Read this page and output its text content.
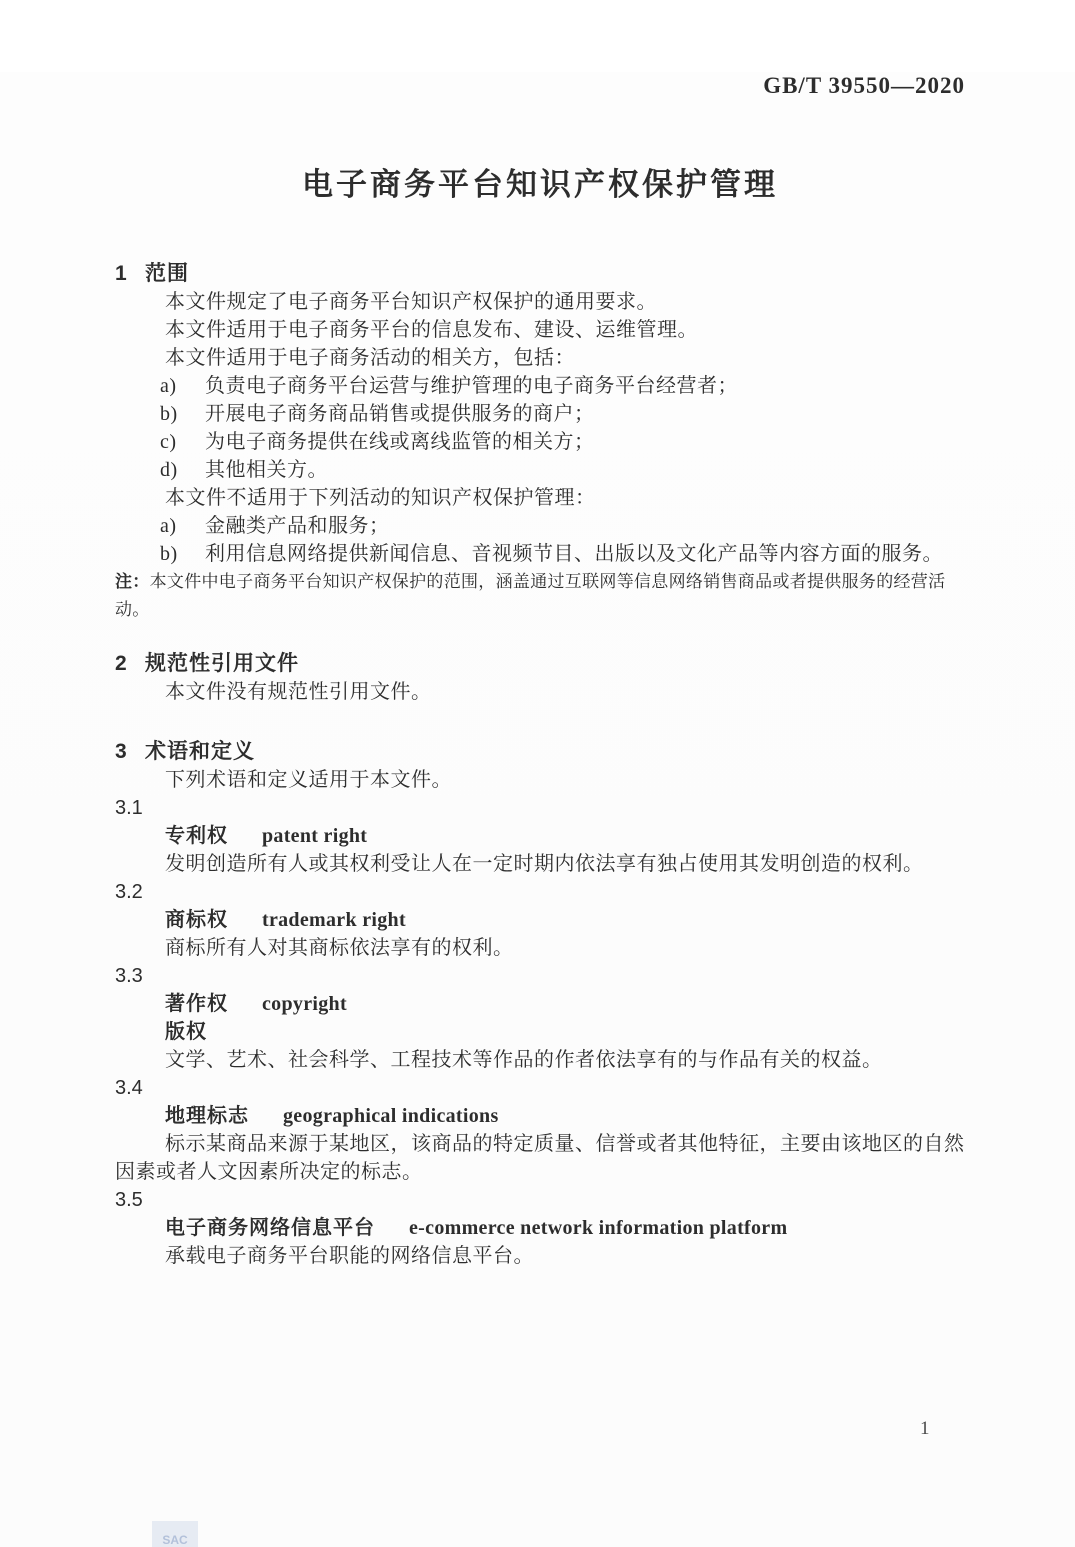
GB/T 39550—2020
电子商务平台知识产权保护管理
1 范围

本文件规定了电子商务平台知识产权保护的通用要求。

本文件适用于电子商务平台的信息发布、建设、运维管理。

本文件适用于电子商务活动的相关方，包括：

a) 负责电子商务平台运营与维护管理的电子商务平台经营者；
b) 开展电子商务商品销售或提供服务的商户；
c) 为电子商务提供在线或离线监管的相关方；
d) 其他相关方。

本文件不适用于下列活动的知识产权保护管理：

a) 金融类产品和服务；
b) 利用信息网络提供新闻信息、音视频节目、出版以及文化产品等内容方面的服务。

注：本文件中电子商务平台知识产权保护的范围，涵盖通过互联网等信息网络销售商品或者提供服务的经营活动。

2 规范性引用文件

本文件没有规范性引用文件。

3 术语和定义

下列术语和定义适用于本文件。

3.1

专利权 patent right

发明创造所有人或其权利受让人在一定时期内依法享有独占使用其发明创造的权利。

3.2

商标权 trademark right

商标所有人对其商标依法享有的权利。

3.3

著作权 copyright
版权

文学、艺术、社会科学、工程技术等作品的作者依法享有的与作品有关的权益。

3.4

地理标志 geographical indications

标示某商品来源于某地区，该商品的特定质量、信誉或者其他特征，主要由该地区的自然因素或者人文因素所决定的标志。

3.5

电子商务网络信息平台 e-commerce network information platform

承载电子商务平台职能的网络信息平台。

1
SAC
